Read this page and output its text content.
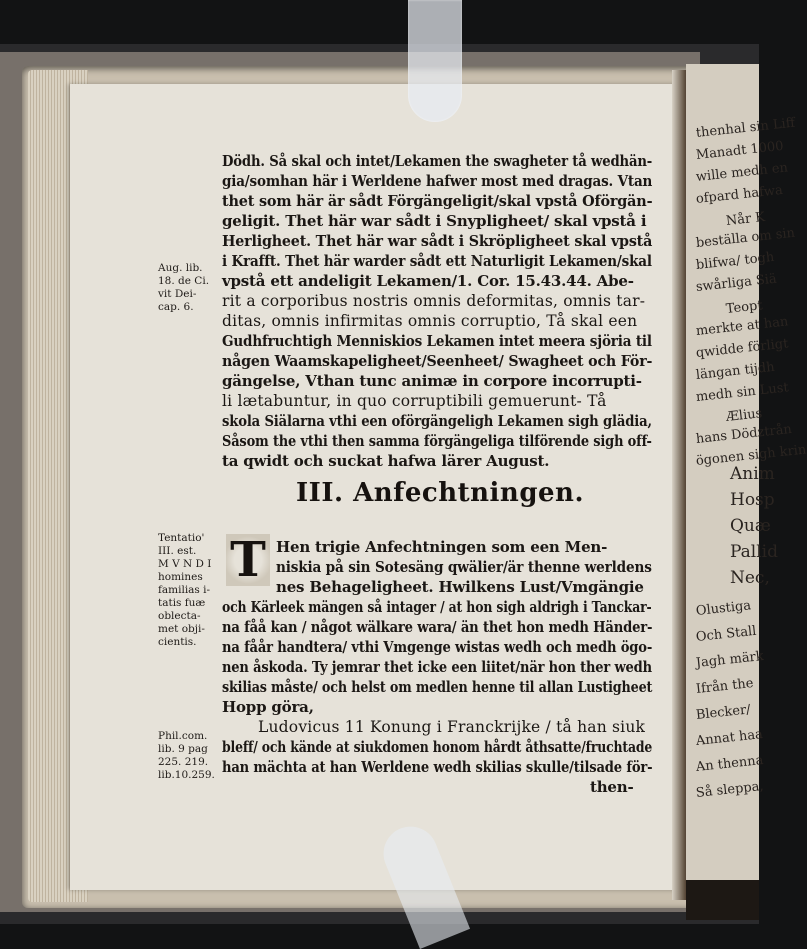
thenhal sin Liff
Manadt 1000
wille medh en
ofpard hafwa
Når K
beställa om sin
blifwa/ togh
swårliga Siä
Teopt
merkte at han
qwidde förligt
längan tijdh
medh sin Lust
Ælius
hans Dödztrån
ögonen sigh krin
Anim
Hosp
Quæ
Pallid
Nec,
Olustiga
Och Stall
Jagh märk
Ifrån the
Blecker/
Annat haa
An thenna
Så sleppa,
Dödh. Så skal och intet/Lekamen the swagheter tå wedhän-
gia/somhan här i Werldene hafwer most med dragas. Vtan
thet som här är sådt Förgängeligit/skal vpstå Oförgän-
geligit. Thet här war sådt i Snypligheet/ skal vpstå i
Herligheet. Thet här war sådt i Skröpligheet skal vpstå
i Krafft. Thet här warder sådt ett Naturligit Lekamen/skal
vpstå ett andeligit Lekamen/1. Cor. 15.43.44. Abe-
rit a corporibus nostris omnis deformitas, omnis tar-
ditas, omnis infirmitas omnis corruptio, Tå skal een
Gudhfruchtigh Menniskios Lekamen intet meera sjöria til
någen Waamskapeligheet/Seenheet/ Swagheet och För-
gängelse, Vthan tunc animæ in corpore incorrupti-
li lætabuntur, in quo corruptibili gemuerunt- Tå
skola Siälarna vthi een oförgängeligh Lekamen sigh glädia,
Såsom the vthi then samma förgängeliga tilförende sigh off-
ta qwidt och suckat hafwa lärer August.
Aug. lib.
18. de Ci.
vit Dei-
cap. 6.
III. Anfechtningen.
Tentatio'
III. est.
M V N D I
homines
familias i-
tatis fuæ
oblecta-
met obji-
cientis.
T Hen trigie Anfechtningen som een Men-
niskia på sin Sotesäng qwälier/är thenne werldens
nes Behageligheet. Hwilkens Lust/Vmgängie
och Kärleek mängen så intager / at hon sigh aldrigh i Tanckar-
na fåå kan / något wälkare wara/ än thet hon medh Händer-
na fåår handtera/ vthi Vmgenge wistas wedh och medh ögo-
nen åskoda. Ty jemrar thet icke een liitet/när hon ther wedh
skilias måste/ och helst om medlen henne til allan Lustigheet
Hopp göra,
Ludovicus 11 Konung i Franckrijke / tå han siuk
bleff/ och kände at siukdomen honom hårdt åthsatte/fruchtade
han mächta at han Werldene wedh skilias skulle/tilsade för-
then-
Phil.com.
lib. 9 pag
225. 219.
lib.10.259.
